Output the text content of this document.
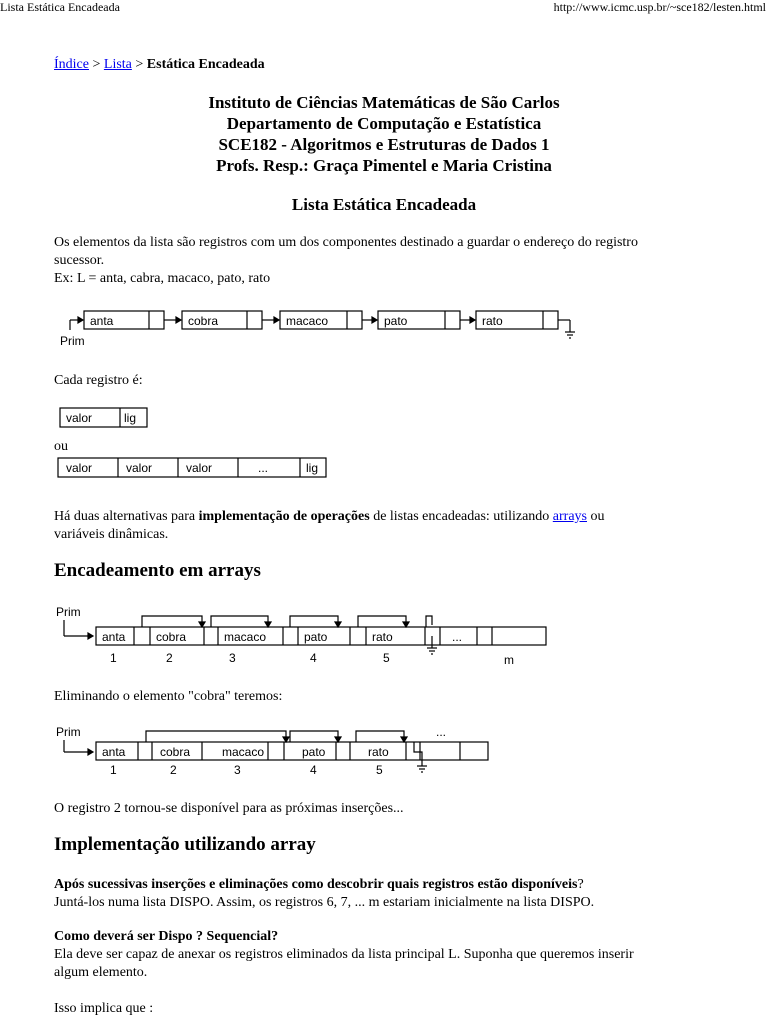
Lista Estática Encadeada	http://www.icmc.usp.br/~sce182/lesten.html
Índice > Lista > Estática Encadeada
Instituto de Ciências Matemáticas de São Carlos
Departamento de Computação e Estatística
SCE182 - Algoritmos e Estruturas de Dados 1
Profs. Resp.: Graça Pimentel e Maria Cristina
Lista Estática Encadeada
Os elementos da lista são registros com um dos componentes destinado a guardar o endereço do registro
sucessor.
Ex: L = anta, cabra, macaco, pato, rato
anta	cobra	macaco	pato	rato
Prim
Cada registro é:
valor	lig
ou
valor	valor	valor	...	lig
Há duas alternativas para implementação de operações de listas encadeadas: utilizando arrays ou
variáveis dinâmicas.
Encadeamento em arrays
Prim
anta	cobra	macaco	pato	rato	...
1	2	3	4	5	m
Eliminando o elemento "cobra" teremos:
Prim	...
anta	cobra	macaco	pato	rato
1	2	3	4	5
O registro 2 tornou-se disponível para as próximas inserções...
Implementação utilizando array
Após sucessivas inserções e eliminações como descobrir quais registros estão disponíveis?
Juntá-los numa lista DISPO. Assim, os registros 6, 7, ... m estariam inicialmente na lista DISPO.
Como deverá ser Dispo ? Sequencial?
Ela deve ser capaz de anexar os registros eliminados da lista principal L. Suponha que queremos inserir
algum elemento.
Isso implica que :
